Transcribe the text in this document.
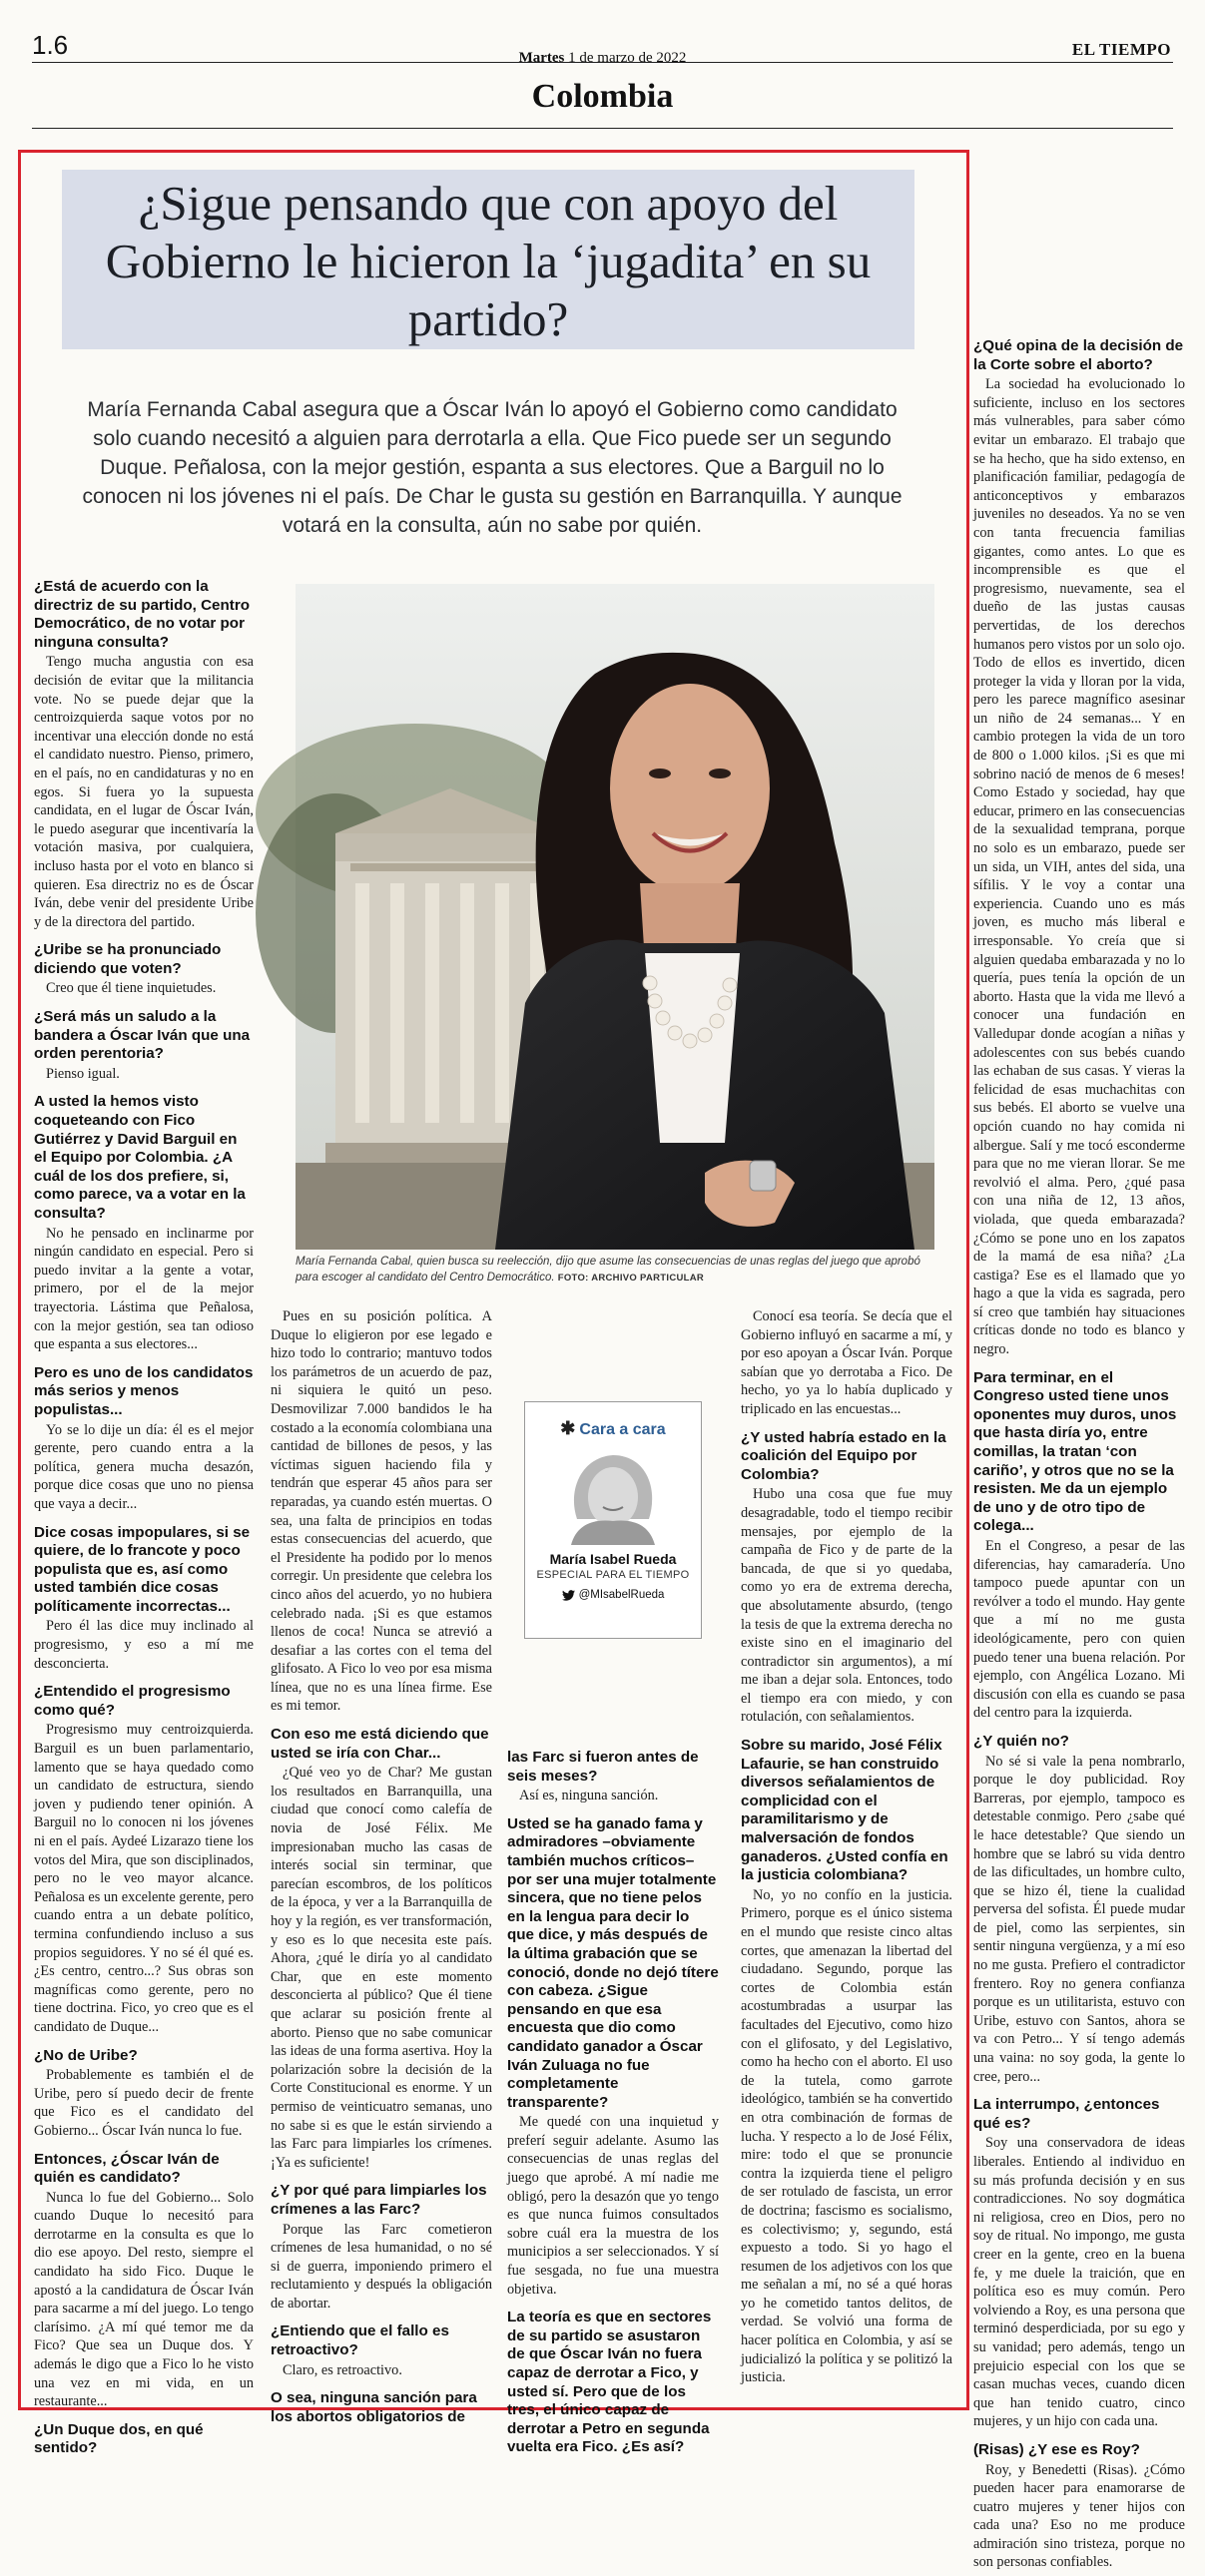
1.6	Martes 1 de marzo de 2022	EL TIEMPO
Colombia
¿Sigue pensando que con apoyo del Gobierno le hicieron la ‘jugadita’ en su partido?

María Fernanda Cabal asegura que a Óscar Iván lo apoyó el Gobierno como candidato solo cuando necesitó a alguien para derrotarla a ella. Que Fico puede ser un segundo Duque. Peñalosa, con la mejor gestión, espanta a sus electores. Que a Barguil no lo conocen ni los jóvenes ni el país. De Char le gusta su gestión en Barranquilla. Y aunque votará en la consulta, aún no sabe por quién.

¿Está de acuerdo con la directriz de su partido, Centro Democrático, de no votar por ninguna consulta?

Tengo mucha angustia con esa decisión de evitar que la militancia vote. No se puede dejar que la centroizquierda saque votos por no incentivar una elección donde no está el candidato nuestro. Pienso, primero, en el país, no en candidaturas y no en egos. Si fuera yo la supuesta candidata, en el lugar de Óscar Iván, le puedo asegurar que incentivaría la votación masiva, por cualquiera, incluso hasta por el voto en blanco si quieren. Esa directriz no es de Óscar Iván, debe venir del presidente Uribe y de la directora del partido.

¿Uribe se ha pronunciado diciendo que voten?

Creo que él tiene inquietudes.

¿Será más un saludo a la bandera a Óscar Iván que una orden perentoria?

Pienso igual.

A usted la hemos visto coqueteando con Fico Gutiérrez y David Barguil en el Equipo por Colombia. ¿A cuál de los dos prefiere, si, como parece, va a votar en la consulta?

No he pensado en inclinarme por ningún candidato en especial. Pero si puedo invitar a la gente a votar, primero, por el de la mejor trayectoria. Lástima que Peñalosa, con la mejor gestión, sea tan odioso que espanta a sus electores...

Pero es uno de los candidatos más serios y menos populistas...

Yo se lo dije un día: él es el mejor gerente, pero cuando entra a la política, genera mucha desazón, porque dice cosas que uno no piensa que vaya a decir...

Dice cosas impopulares, si se quiere, de lo francote y poco populista que es, así como usted también dice cosas políticamente incorrectas...

Pero él las dice muy inclinado al progresismo, y eso a mí me desconcierta.

¿Entendido el progresismo como qué?

Progresismo muy centroizquierda. Barguil es un buen parlamentario, lamento que se haya quedado como un candidato de estructura, siendo joven y pudiendo tener opinión. A Barguil no lo conocen ni los jóvenes ni en el país. Aydeé Lizarazo tiene los votos del Mira, que son disciplinados, pero no le veo mayor alcance. Peñalosa es un excelente gerente, pero cuando entra a un debate político, termina confundiendo incluso a sus propios seguidores. Y no sé él qué es. ¿Es centro, centro...? Sus obras son magníficas como gerente, pero no tiene doctrina. Fico, yo creo que es el candidato de Duque...

¿No de Uribe?

Probablemente es también el de Uribe, pero sí puedo decir de frente que Fico es el candidato del Gobierno... Óscar Iván nunca lo fue.

Entonces, ¿Óscar Iván de quién es candidato?

Nunca lo fue del Gobierno... Solo cuando Duque lo necesitó para derrotarme en la consulta es que lo dio ese apoyo. Del resto, siempre el candidato ha sido Fico. Duque le apostó a la candidatura de Óscar Iván para sacarme a mí del juego. Lo tengo clarísimo. ¿A mí qué temor me da Fico? Que sea un Duque dos. Y además le digo que a Fico lo he visto una vez en mi vida, en un restaurante...

¿Un Duque dos, en qué sentido?

Pues en su posición política. A Duque lo eligieron por ese legado e hizo todo lo contrario; mantuvo todos los parámetros de un acuerdo de paz, ni siquiera le quitó un peso. Desmovilizar 7.000 bandidos le ha costado a la economía colombiana una cantidad de billones de pesos, y las víctimas siguen haciendo fila y tendrán que esperar 45 años para ser reparadas, ya cuando estén muertas. O sea, una falta de principios en todas estas consecuencias del acuerdo, que el Presidente ha podido por lo menos corregir. Un presidente que celebra los cinco años del acuerdo, yo no hubiera celebrado nada. ¡Si es que estamos llenos de coca! Nunca se atrevió a desafiar a las cortes con el tema del glifosato. A Fico lo veo por esa misma línea, que no es una línea firme. Ese es mi temor.

Con eso me está diciendo que usted se iría con Char...

¿Qué veo yo de Char? Me gustan los resultados en Barranquilla, una ciudad que conocí como calefía de novia de José Félix. Me impresionaban mucho las casas de interés social sin terminar, que parecían escombros, de los políticos de la época, y ver a la Barranquilla de hoy y la región, es ver transformación, y eso es lo que necesita este país. Ahora, ¿qué le diría yo al candidato Char, que en este momento desconcierta al público? Que él tiene que aclarar su posición frente al aborto. Pienso que no sabe comunicar las ideas de una forma asertiva. Hoy la polarización sobre la decisión de la Corte Constitucional es enorme. Y un permiso de veinticuatro semanas, uno no sabe si es que le están sirviendo a las Farc para limpiarles los crímenes. ¡Ya es suficiente!

¿Y por qué para limpiarles los crímenes a las Farc?

Porque las Farc cometieron crímenes de lesa humanidad, o no sé si de guerra, imponiendo primero el reclutamiento y después la obligación de abortar.

¿Entiendo que el fallo es retroactivo?

Claro, es retroactivo.

O sea, ninguna sanción para los abortos obligatorios de
las Farc si fueron antes de seis meses?

Así es, ninguna sanción.

Usted se ha ganado fama y admiradores –obviamente también muchos críticos– por ser una mujer totalmente sincera, que no tiene pelos en la lengua para decir lo que dice, y más después de la última grabación que se conoció, donde no dejó títere con cabeza. ¿Sigue pensando en que esa encuesta que dio como candidato ganador a Óscar Iván Zuluaga no fue completamente transparente?

Me quedé con una inquietud y preferí seguir adelante. Asumo las consecuencias de unas reglas del juego que aprobé. A mí nadie me obligó, pero la desazón que yo tengo es que nunca fuimos consultados sobre cuál era la muestra de los municipios a ser seleccionados. Y sí fue sesgada, no fue una muestra objetiva.

La teoría es que en sectores de su partido se asustaron de que Óscar Iván no fuera capaz de derrotar a Fico, y usted sí. Pero que de los tres, el único capaz de derrotar a Petro en segunda vuelta era Fico. ¿Es así?

Conocí esa teoría. Se decía que el Gobierno influyó en sacarme a mí, y por eso apoyan a Óscar Iván. Porque sabían que yo derrotaba a Fico. De hecho, yo ya lo había duplicado y triplicado en las encuestas...

¿Y usted habría estado en la coalición del Equipo por Colombia?

Hubo una cosa que fue muy desagradable, todo el tiempo recibir mensajes, por ejemplo de la campaña de Fico y de parte de la bancada, de que si yo quedaba, como yo era de extrema derecha, que absolutamente absurdo, (tengo la tesis de que la extrema derecha no existe sino en el imaginario del contradictor sin argumentos), a mí me iban a dejar sola. Entonces, todo el tiempo era con miedo, y con rotulación, con señalamientos.

Sobre su marido, José Félix Lafaurie, se han construido diversos señalamientos de complicidad con el paramilitarismo y de malversación de fondos ganaderos. ¿Usted confía en la justicia colombiana?

No, yo no confío en la justicia. Primero, porque es el único sistema en el mundo que resiste cinco altas cortes, que amenazan la libertad del ciudadano. Segundo, porque las cortes de Colombia están acostumbradas a usurpar las facultades del Ejecutivo, como hizo con el glifosato, y del Legislativo, como ha hecho con el aborto. El uso de la tutela, como garrote ideológico, también se ha convertido en otra combinación de formas de lucha. Y respecto a lo de José Félix, mire: todo el que se pronuncie contra la izquierda tiene el peligro de ser rotulado de fascista, un error de doctrina; fascismo es socialismo, es colectivismo; y, segundo, está expuesto a todo. Si yo hago el resumen de los adjetivos con los que me señalan a mí, no sé a qué horas yo he cometido tantos delitos, de verdad. Se volvió una forma de hacer política en Colombia, y así se judicializó la política y se politizó la justicia.

¿Qué opina de la decisión de la Corte sobre el aborto?

La sociedad ha evolucionado lo suficiente, incluso en los sectores más vulnerables, para saber cómo evitar un embarazo. El trabajo que se ha hecho, que ha sido extenso, en planificación familiar, pedagogía de anticonceptivos y embarazos juveniles no deseados. Ya no se ven con tanta frecuencia familias gigantes, como antes. Lo que es incomprensible es que el progresismo, nuevamente, sea el dueño de las justas causas pervertidas, de los derechos humanos pero vistos por un solo ojo. Todo de ellos es invertido, dicen proteger la vida y lloran por la vida, pero les parece magnífico asesinar un niño de 24 semanas... Y en cambio protegen la vida de un toro de 800 o 1.000 kilos. ¡Si es que mi sobrino nació de menos de 6 meses! Como Estado y sociedad, hay que educar, primero en las consecuencias de la sexualidad temprana, porque no solo es un embarazo, puede ser un sida, un VIH, antes del sida, una sífilis. Y le voy a contar una experiencia. Cuando uno es más joven, es mucho más liberal e irresponsable. Yo creía que si alguien quedaba embarazada y no lo quería, pues tenía la opción de un aborto. Hasta que la vida me llevó a conocer una fundación en Valledupar donde acogían a niñas y adolescentes con sus bebés cuando las echaban de sus casas. Y vieras la felicidad de esas muchachitas con sus bebés. El aborto se vuelve una opción cuando no hay comida ni albergue. Salí y me tocó esconderme para que no me vieran llorar. Se me revolvió el alma. Pero, ¿qué pasa con una niña de 12, 13 años, violada, que queda embarazada? ¿Cómo se pone uno en los zapatos de la mamá de esa niña? ¿La castiga? Ese es el llamado que yo hago a que la vida es sagrada, pero sí creo que también hay situaciones críticas donde no todo es blanco y negro.

Para terminar, en el Congreso usted tiene unos oponentes muy duros, unos que hasta diría yo, entre comillas, la tratan ‘con cariño’, y otros que no se la resisten. Me da un ejemplo de uno y de otro tipo de colega...

En el Congreso, a pesar de las diferencias, hay camaradería. Uno tampoco puede apuntar con un revólver a todo el mundo. Hay gente que a mí no me gusta ideológicamente, pero con quien puedo tener una buena relación. Por ejemplo, con Angélica Lozano. Mi discusión con ella es cuando se pasa del centro para la izquierda.

¿Y quién no?

No sé si vale la pena nombrarlo, porque le doy publicidad. Roy Barreras, por ejemplo, tampoco es detestable conmigo. Pero ¿sabe qué le hace detestable? Que siendo un hombre que se labró su vida dentro de las dificultades, un hombre culto, que se hizo él, tiene la cualidad perversa del sofista. Él puede mudar de piel, como las serpientes, sin sentir ninguna vergüenza, y a mí eso no me gusta. Prefiero el contradictor frentero. Roy no genera confianza porque es un utilitarista, estuvo con Uribe, estuvo con Santos, ahora se va con Petro... Y sí tengo además una vaina: no soy goda, la gente lo cree, pero...

La interrumpo, ¿entonces qué es?

Soy una conservadora de ideas liberales. Entiendo al individuo en su más profunda decisión y en sus contradicciones. No soy dogmática ni religiosa, creo en Dios, pero no soy de ritual. No impongo, me gusta creer en la gente, creo en la buena fe, y me duele la traición, que en política eso es muy común. Pero volviendo a Roy, es una persona que terminó desperdiciada, por su ego y su vanidad; pero además, tengo un prejuicio especial con los que se casan muchas veces, cuando dicen que han tenido cuatro, cinco mujeres, y un hijo con cada una.

(Risas) ¿Y ese es Roy?

Roy, y Benedetti (Risas). ¿Cómo pueden hacer para enamorarse de cuatro mujeres y tener hijos con cada una? Eso no me produce admiración sino tristeza, porque no son personas confiables.

María Fernanda Cabal, quien busca su reelección, dijo que asume las consecuencias de unas reglas del juego que aprobó para escoger al candidato del Centro Democrático. FOTO: ARCHIVO PARTICULAR
✱ Cara a cara
María Isabel Rueda
ESPECIAL PARA EL TIEMPO
@MIsabelRueda
